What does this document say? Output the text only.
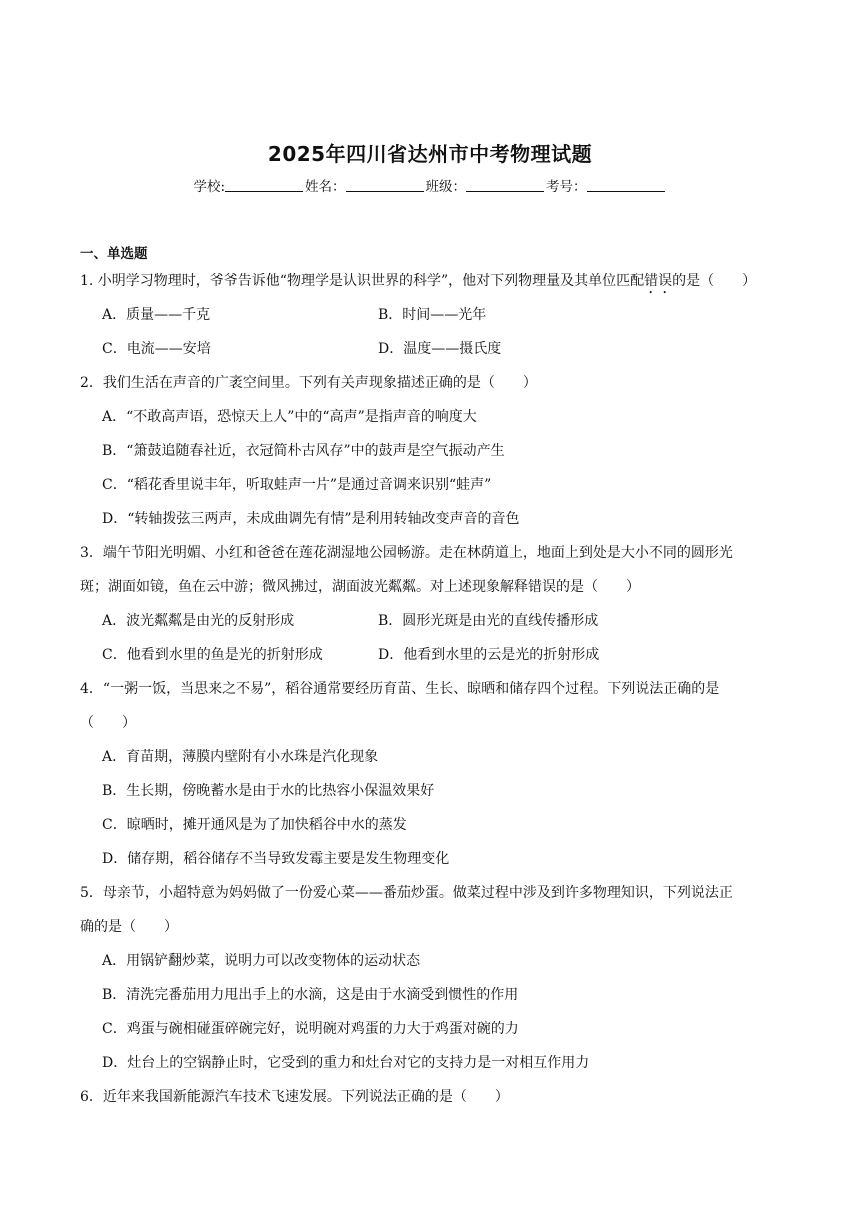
2025年四川省达州市中考物理试题
学校:	姓名：	班级：	考号：
一、单选题
1. 小明学习物理时，爷爷告诉他“物理学是认识世界的科学”，他对下列物理量及其单位匹配错误的是（　　）
A．质量——千克	B．时间——光年
C．电流——安培	D．温度——摄氏度
2．我们生活在声音的广袤空间里。下列有关声现象描述正确的是（　　）
A．“不敢高声语，恐惊天上人”中的“高声”是指声音的响度大
B．“箫鼓追随春社近，衣冠简朴古风存”中的鼓声是空气振动产生
C．“稻花香里说丰年，听取蛙声一片”是通过音调来识别“蛙声”
D．“转轴拨弦三两声，未成曲调先有情”是利用转轴改变声音的音色
3．端午节阳光明媚、小红和爸爸在莲花湖湿地公园畅游。走在林荫道上，地面上到处是大小不同的圆形光
斑；湖面如镜，鱼在云中游；微风拂过，湖面波光粼粼。对上述现象解释错误的是（　　）
A．波光粼粼是由光的反射形成	B．圆形光斑是由光的直线传播形成
C．他看到水里的鱼是光的折射形成	D．他看到水里的云是光的折射形成
4．“一粥一饭，当思来之不易”，稻谷通常要经历育苗、生长、晾晒和储存四个过程。下列说法正确的是
（　　）
A．育苗期，薄膜内壁附有小水珠是汽化现象
B．生长期，傍晚蓄水是由于水的比热容小保温效果好
C．晾晒时，摊开通风是为了加快稻谷中水的蒸发
D．储存期，稻谷储存不当导致发霉主要是发生物理变化
5．母亲节，小超特意为妈妈做了一份爱心菜——番茄炒蛋。做菜过程中涉及到许多物理知识，下列说法正
确的是（　　）
A．用锅铲翻炒菜，说明力可以改变物体的运动状态
B．清洗完番茄用力甩出手上的水滴，这是由于水滴受到惯性的作用
C．鸡蛋与碗相碰蛋碎碗完好，说明碗对鸡蛋的力大于鸡蛋对碗的力
D．灶台上的空锅静止时，它受到的重力和灶台对它的支持力是一对相互作用力
6．近年来我国新能源汽车技术飞速发展。下列说法正确的是（　　）
